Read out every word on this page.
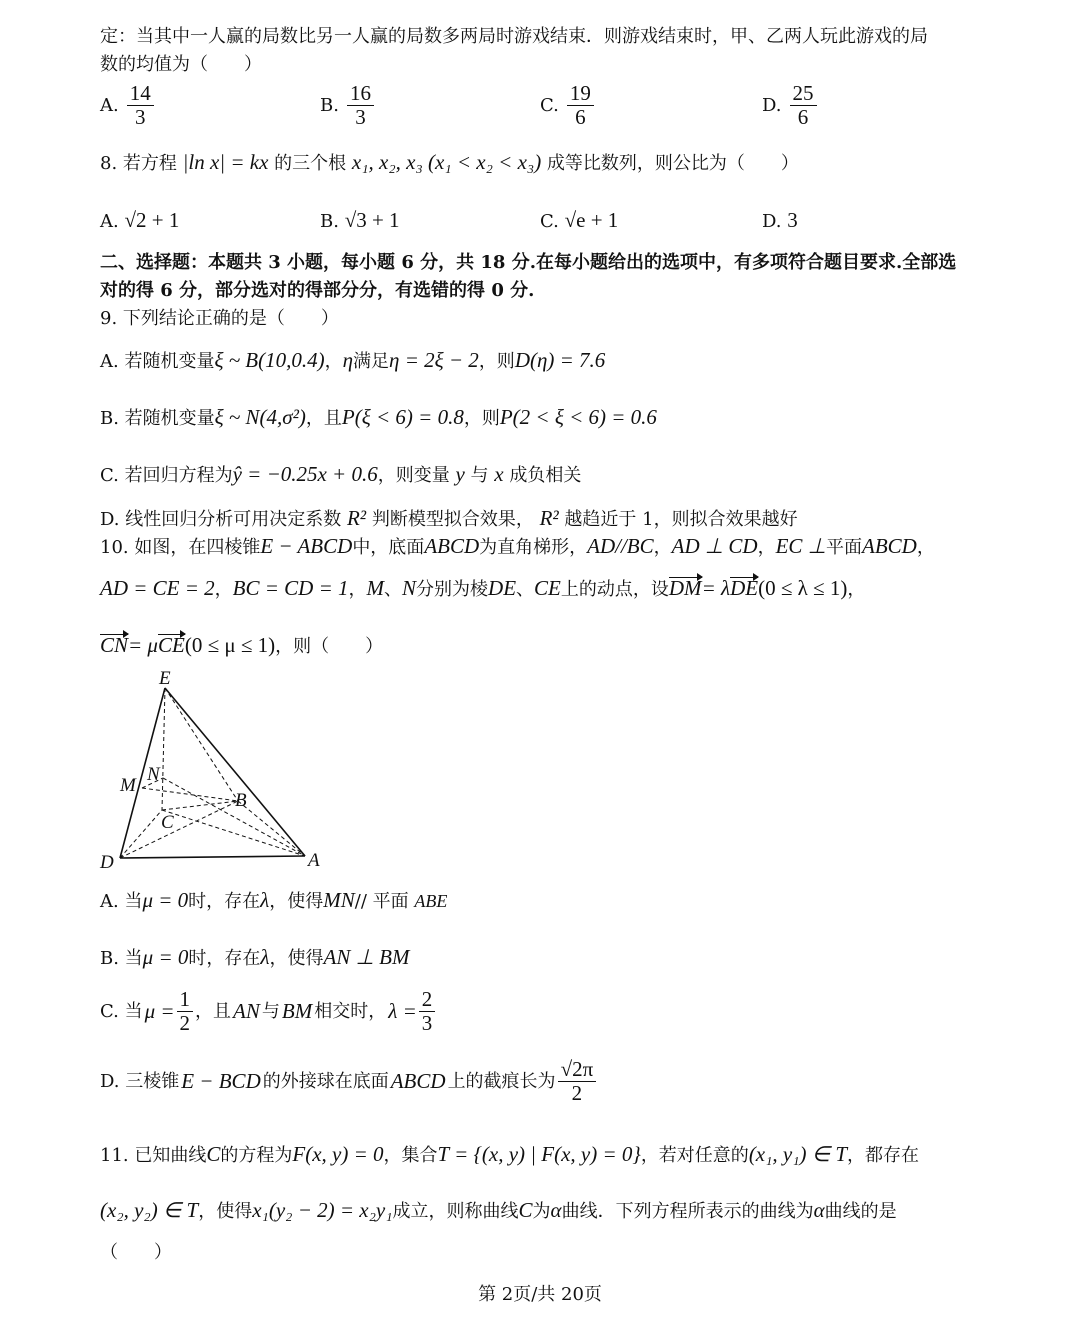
定：当其中一人赢的局数比另一人赢的局数多两局时游戏结束．则游戏结束时，甲、乙两人玩此游戏的局
数的均值为（　　）
A. $\frac{14}{3}$	B. $\frac{16}{3}$	C. $\frac{19}{6}$	D. $\frac{25}{6}$
8. 若方程 |ln x| = kx 的三个根 x₁, x₂, x₃ (x₁ < x₂ < x₃) 成等比数列，则公比为（　　）
A. √2 + 1	B. √3 + 1	C. √e + 1	D. 3
二、选择题：本题共 3 小题，每小题 6 分，共 18 分.在每小题给出的选项中，有多项符合题目要求.全部选
对的得 6 分，部分选对的得部分分，有选错的得 0 分.
9. 下列结论正确的是（　　）
A. 若随机变量ξ ~ B(10,0.4)，η满足η = 2ξ − 2，则D(η) = 7.6
B. 若随机变量ξ ~ N(4,σ²)，且P(ξ < 6) = 0.8，则P(2 < ξ < 6) = 0.6
C. 若回归方程为ŷ = −0.25x + 0.6，则变量 y 与 x 成负相关
D. 线性回归分析可用决定系数 R² 判断模型拟合效果， R² 越趋近于 1，则拟合效果越好
10. 如图，在四棱锥E − ABCD中，底面ABCD为直角梯形，AD//BC，AD ⊥ CD，EC ⊥平面ABCD，
AD = CE = 2，BC = CD = 1，M、N分别为棱DE、CE上的动点，设DM= λDE(0 ≤ λ ≤ 1)，
CN= μCE(0 ≤ μ ≤ 1)，则（　　）
E
M
N
B
C
D	A
A. 当μ = 0时，存在λ，使得MN// 平面 ABE
B. 当μ = 0时，存在λ，使得AN ⊥ BM
C. 当 $\mu = \frac{1}{2}$ ，且 AN 与 BM 相交时， $\lambda = \frac{2}{3}$
D. 三棱锥 E − BCD 的外接球在底面 ABCD 上的截痕长为 $\frac{√2\pi}{2}$
11. 已知曲线C的方程为F(x, y) = 0，集合T = {(x, y) | F(x, y) = 0}，若对任意的(x₁, y₁) ∈ T，都存在
(x₂, y₂) ∈ T，使得x₁(y₂ − 2) = x₂y₁成立，则称曲线C为α曲线．下列方程所表示的曲线为α曲线的是
（　　）
第 2页/共 20页
